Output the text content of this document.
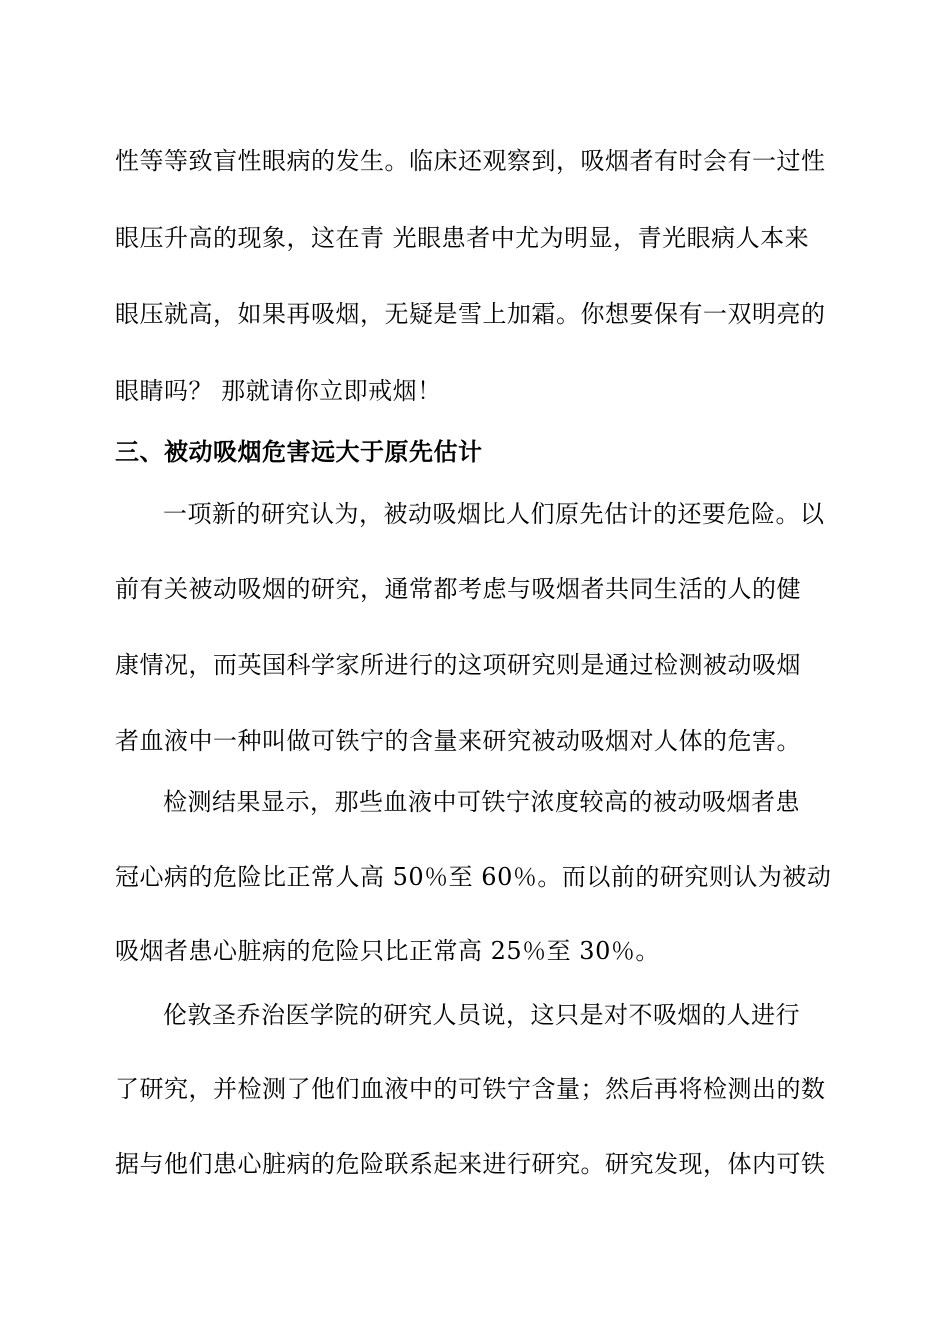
性等等致盲性眼病的发生。临床还观察到，吸烟者有时会有一过性
眼压升高的现象，这在青 光眼患者中尤为明显，青光眼病人本来
眼压就高，如果再吸烟，无疑是雪上加霜。你想要保有一双明亮的
眼睛吗？ 那就请你立即戒烟！
三、被动吸烟危害远大于原先估计
一项新的研究认为，被动吸烟比人们原先估计的还要危险。以
前有关被动吸烟的研究，通常都考虑与吸烟者共同生活的人的健
康情况，而英国科学家所进行的这项研究则是通过检测被动吸烟
者血液中一种叫做可铁宁的含量来研究被动吸烟对人体的危害。
检测结果显示，那些血液中可铁宁浓度较高的被动吸烟者患
冠心病的危险比正常人高 50％至 60％。而以前的研究则认为被动
吸烟者患心脏病的危险只比正常高 25％至 30％。
伦敦圣乔治医学院的研究人员说，这只是对不吸烟的人进行
了研究，并检测了他们血液中的可铁宁含量；然后再将检测出的数
据与他们患心脏病的危险联系起来进行研究。研究发现，体内可铁
